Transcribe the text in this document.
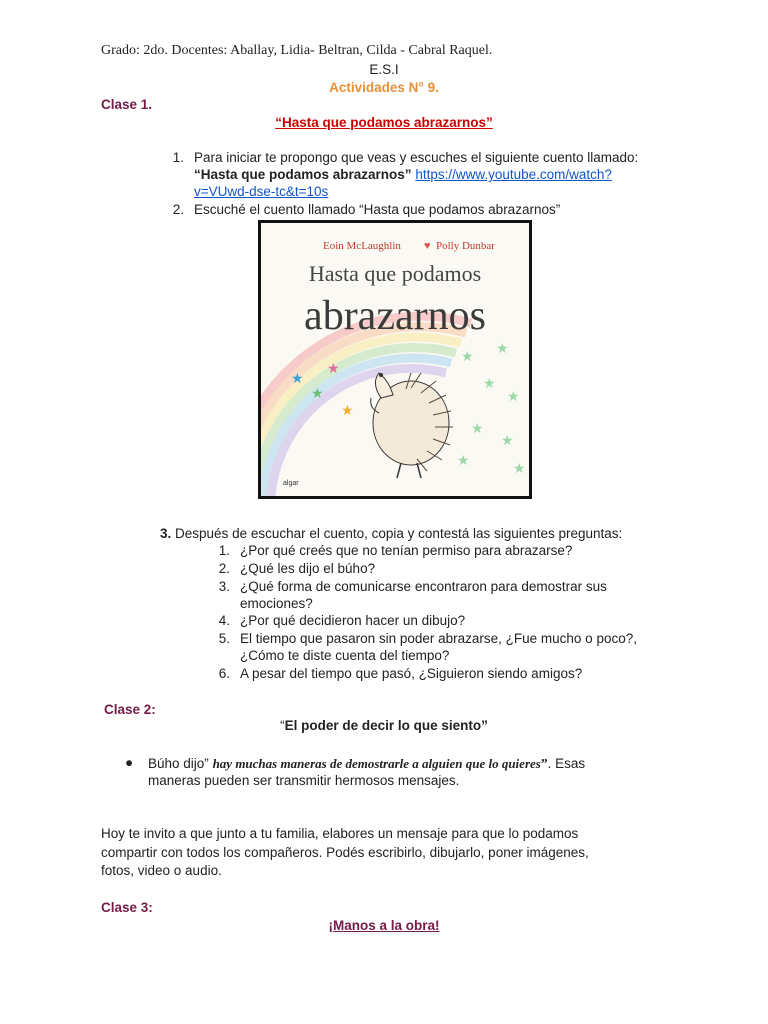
Grado: 2do. Docentes: Aballay, Lidia- Beltran, Cilda - Cabral Raquel.

E.S.I

Actividades N° 9.

Clase 1.

“Hasta que podamos abrazarnos”

1. Para iniciar te propongo que veas y escuches el siguiente cuento llamado:

“Hasta que podamos abrazarnos” https://www.youtube.com/watch?

v=VUwd-dse-tc&t=10s

2. Escuché el cuento llamado “Hasta que podamos abrazarnos”

Eoin McLaughlin ♥ Polly Dunbar
Hasta que podamos
abrazarnos
★
★
★
★
★ ★
★
★
★
★
★
★
algar

3. Después de escuchar el cuento, copia y contestá las siguientes preguntas:

1. ¿Por qué creés que no tenían permiso para abrazarse?

2. ¿Qué les dijo el búho?

3. ¿Qué forma de comunicarse encontraron para demostrar sus

emociones?

4. ¿Por qué decidieron hacer un dibujo?

5. El tiempo que pasaron sin poder abrazarse, ¿Fue mucho o poco?,

¿Cómo te diste cuenta del tiempo?

6. A pesar del tiempo que pasó, ¿Siguieron siendo amigos?

Clase 2:

“El poder de decir lo que siento”

● Búho dijo” hay muchas maneras de demostrarle a alguien que lo quieres”. Esas

maneras pueden ser transmitir hermosos mensajes.

Hoy te invito a que junto a tu familia, elabores un mensaje para que lo podamos

compartir con todos los compañeros. Podés escribirlo, dibujarlo, poner imágenes,

fotos, video o audio.

Clase 3:

¡Manos a la obra!
